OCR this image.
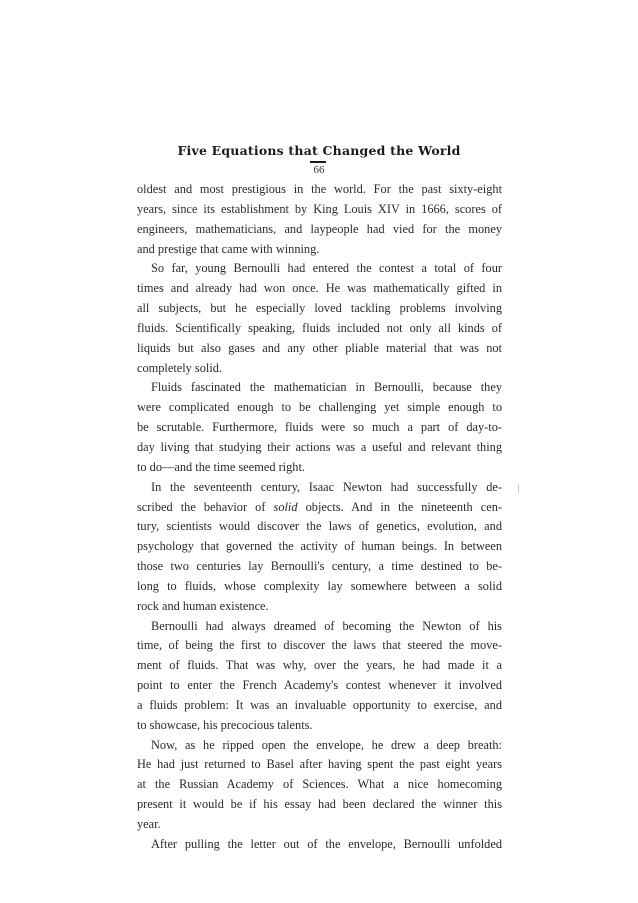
Five Equations that Changed the World
66
oldest and most prestigious in the world. For the past sixty-eight
years, since its establishment by King Louis XIV in 1666, scores of
engineers, mathematicians, and laypeople had vied for the money
and prestige that came with winning.
So far, young Bernoulli had entered the contest a total of four
times and already had won once. He was mathematically gifted in
all subjects, but he especially loved tackling problems involving
fluids. Scientifically speaking, fluids included not only all kinds of
liquids but also gases and any other pliable material that was not
completely solid.
Fluids fascinated the mathematician in Bernoulli, because they
were complicated enough to be challenging yet simple enough to
be scrutable. Furthermore, fluids were so much a part of day-to-
day living that studying their actions was a useful and relevant thing
to do—and the time seemed right.
In the seventeenth century, Isaac Newton had successfully de-
scribed the behavior of solid objects. And in the nineteenth cen-
tury, scientists would discover the laws of genetics, evolution, and
psychology that governed the activity of human beings. In between
those two centuries lay Bernoulli's century, a time destined to be-
long to fluids, whose complexity lay somewhere between a solid
rock and human existence.
Bernoulli had always dreamed of becoming the Newton of his
time, of being the first to discover the laws that steered the move-
ment of fluids. That was why, over the years, he had made it a
point to enter the French Academy's contest whenever it involved
a fluids problem: It was an invaluable opportunity to exercise, and
to showcase, his precocious talents.
Now, as he ripped open the envelope, he drew a deep breath:
He had just returned to Basel after having spent the past eight years
at the Russian Academy of Sciences. What a nice homecoming
present it would be if his essay had been declared the winner this
year.
After pulling the letter out of the envelope, Bernoulli unfolded
